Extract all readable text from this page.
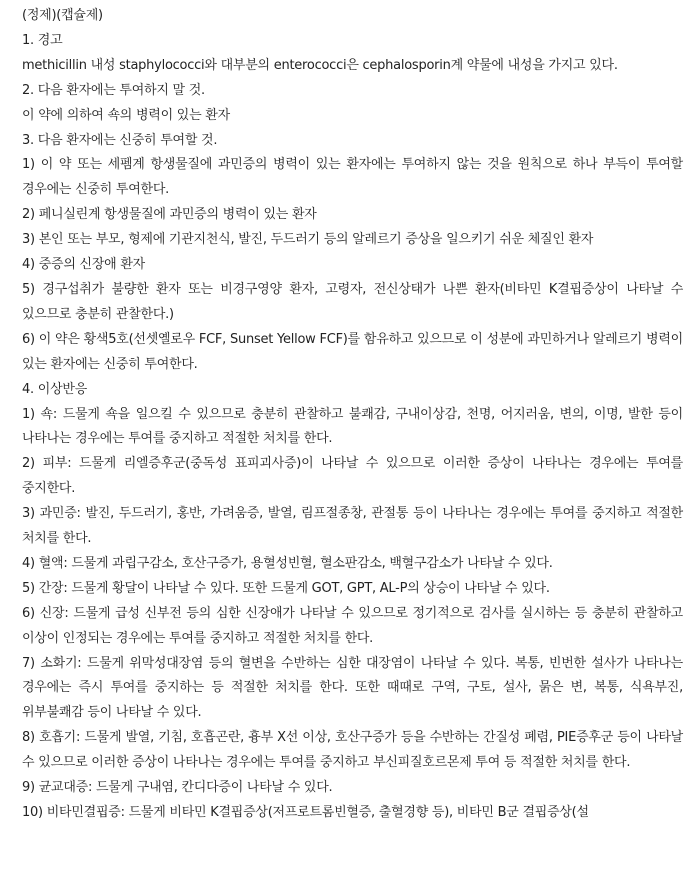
(정제)(캡슐제)
1. 경고
methicillin 내성 staphylococci와 대부분의 enterococci은 cephalosporin계 약물에 내성을 가지고 있다.
2. 다음 환자에는 투여하지 말 것.
이 약에 의하여 쇽의 병력이 있는 환자
3. 다음 환자에는 신중히 투여할 것.
1) 이 약 또는 세펨계 항생물질에 과민증의 병력이 있는 환자에는 투여하지 않는 것을 원칙으로 하나 부득이 투여할 경우에는 신중히 투여한다.
2) 페니실린계 항생물질에 과민증의 병력이 있는 환자
3) 본인 또는 부모, 형제에 기관지천식, 발진, 두드러기 등의 알레르기 증상을 일으키기 쉬운 체질인 환자
4) 중증의 신장애 환자
5) 경구섭취가 불량한 환자 또는 비경구영양 환자, 고령자, 전신상태가 나쁜 환자(비타민 K결핍증상이 나타날 수 있으므로 충분히 관찰한다.)
6) 이 약은 황색5호(선셋옐로우 FCF, Sunset Yellow FCF)를 함유하고 있으므로 이 성분에 과민하거나 알레르기 병력이 있는 환자에는 신중히 투여한다.
4. 이상반응
1) 쇽: 드물게 쇽을 일으킬 수 있으므로 충분히 관찰하고 불쾌감, 구내이상감, 천명, 어지러움, 변의, 이명, 발한 등이 나타나는 경우에는 투여를 중지하고 적절한 처치를 한다.
2) 피부: 드물게 리엘증후군(중독성 표피괴사증)이 나타날 수 있으므로 이러한 증상이 나타나는 경우에는 투여를 중지한다.
3) 과민증: 발진, 두드러기, 홍반, 가려움증, 발열, 림프절종창, 관절통 등이 나타나는 경우에는 투여를 중지하고 적절한 처치를 한다.
4) 혈액: 드물게 과립구감소, 호산구증가, 용혈성빈혈, 혈소판감소, 백혈구감소가 나타날 수 있다.
5) 간장: 드물게 황달이 나타날 수 있다. 또한 드물게 GOT, GPT, AL-P의 상승이 나타날 수 있다.
6) 신장: 드물게 급성 신부전 등의 심한 신장애가 나타날 수 있으므로 정기적으로 검사를 실시하는 등 충분히 관찰하고 이상이 인정되는 경우에는 투여를 중지하고 적절한 처치를 한다.
7) 소화기: 드물게 위막성대장염 등의 혈변을 수반하는 심한 대장염이 나타날 수 있다. 복통, 빈번한 설사가 나타나는 경우에는 즉시 투여를 중지하는 등 적절한 처치를 한다. 또한 때때로 구역, 구토, 설사, 묽은 변, 복통, 식욕부진, 위부불쾌감 등이 나타날 수 있다.
8) 호흡기: 드물게 발열, 기침, 호흡곤란, 흉부 X선 이상, 호산구증가 등을 수반하는 간질성 폐렴, PIE증후군 등이 나타날 수 있으므로 이러한 증상이 나타나는 경우에는 투여를 중지하고 부신피질호르몬제 투여 등 적절한 처치를 한다.
9) 균교대증: 드물게 구내염, 칸디다증이 나타날 수 있다.
10) 비타민결핍증: 드물게 비타민 K결핍증상(저프로트롬빈혈증, 출혈경향 등), 비타민 B군 결핍증상(설
